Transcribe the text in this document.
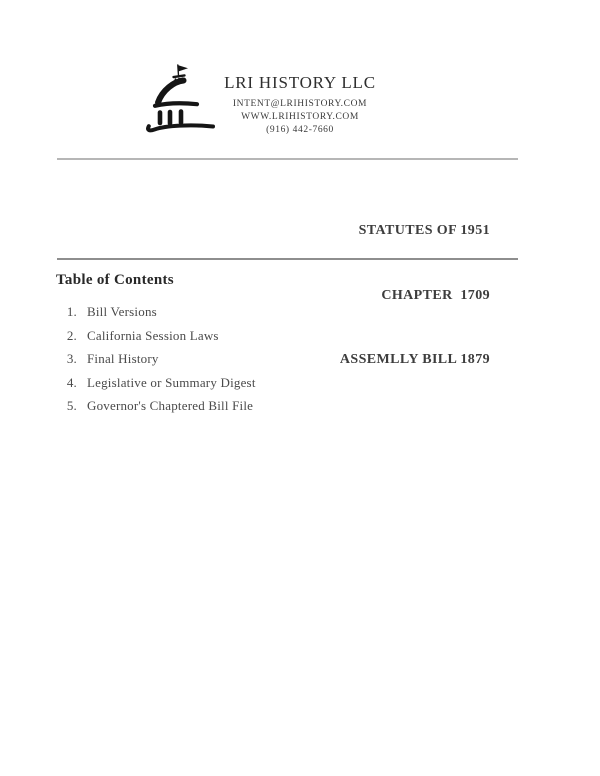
LRI HISTORY LLC
INTENT@LRIHISTORY.COM
WWW.LRIHISTORY.COM
(916) 442-7660

STATUTES OF 1951

CHAPTER  1709

ASSEMLLY BILL 1879

Table of Contents
1. Bill Versions
2. California Session Laws
3. Final History
4. Legislative or Summary Digest
5. Governor's Chaptered Bill File
